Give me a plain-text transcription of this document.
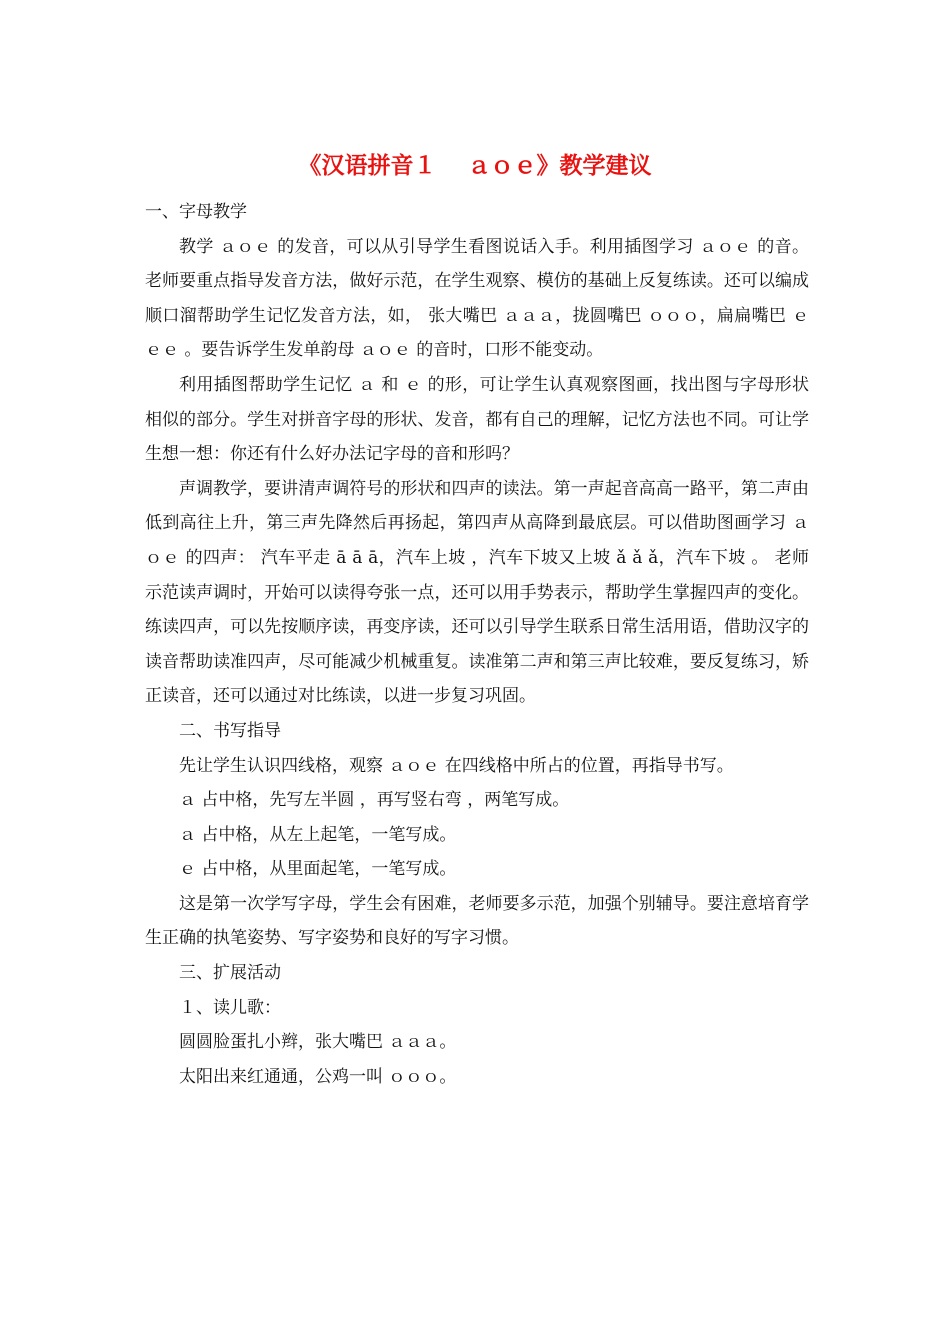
《汉语拼音１　 ａｏｅ》教学建议

一、字母教学

教学 ａｏｅ 的发音，可以从引导学生看图说话入手。利用插图学习 ａｏｅ 的音。老师要重点指导发音方法，做好示范，在学生观察、模仿的基础上反复练读。还可以编成顺口溜帮助学生记忆发音方法，如， 张大嘴巴 ａａａ，拢圆嘴巴 ｏｏｏ，扁扁嘴巴 ｅｅｅ 。要告诉学生发单韵母 ａｏｅ 的音时，口形不能变动。

利用插图帮助学生记忆 ａ 和 ｅ 的形，可让学生认真观察图画，找出图与字母形状相似的部分。学生对拼音字母的形状、发音，都有自己的理解，记忆方法也不同。可让学生想一想：你还有什么好办法记字母的音和形吗？

声调教学，要讲清声调符号的形状和四声的读法。第一声起音高高一路平，第二声由低到高往上升，第三声先降然后再扬起，第四声从高降到最底层。可以借助图画学习 ａｏｅ 的四声： 汽车平走 ā ā ā，汽车上坡 ，汽车下坡又上坡 ǎ ǎ ǎ，汽车下坡 。 老师示范读声调时，开始可以读得夸张一点，还可以用手势表示，帮助学生掌握四声的变化。练读四声，可以先按顺序读，再变序读，还可以引导学生联系日常生活用语，借助汉字的读音帮助读准四声，尽可能减少机械重复。读准第二声和第三声比较难，要反复练习，矫正读音，还可以通过对比练读，以进一步复习巩固。

二、书写指导

先让学生认识四线格，观察 ａｏｅ 在四线格中所占的位置，再指导书写。

ａ 占中格，先写左半圆 ，再写竖右弯 ，两笔写成。

ａ 占中格，从左上起笔，一笔写成。

ｅ 占中格，从里面起笔，一笔写成。

这是第一次学写字母，学生会有困难，老师要多示范，加强个别辅导。要注意培育学生正确的执笔姿势、写字姿势和良好的写字习惯。

三、扩展活动

１、读儿歌：

圆圆脸蛋扎小辫，张大嘴巴 ａａａ。

太阳出来红通通，公鸡一叫 ｏｏｏ。
